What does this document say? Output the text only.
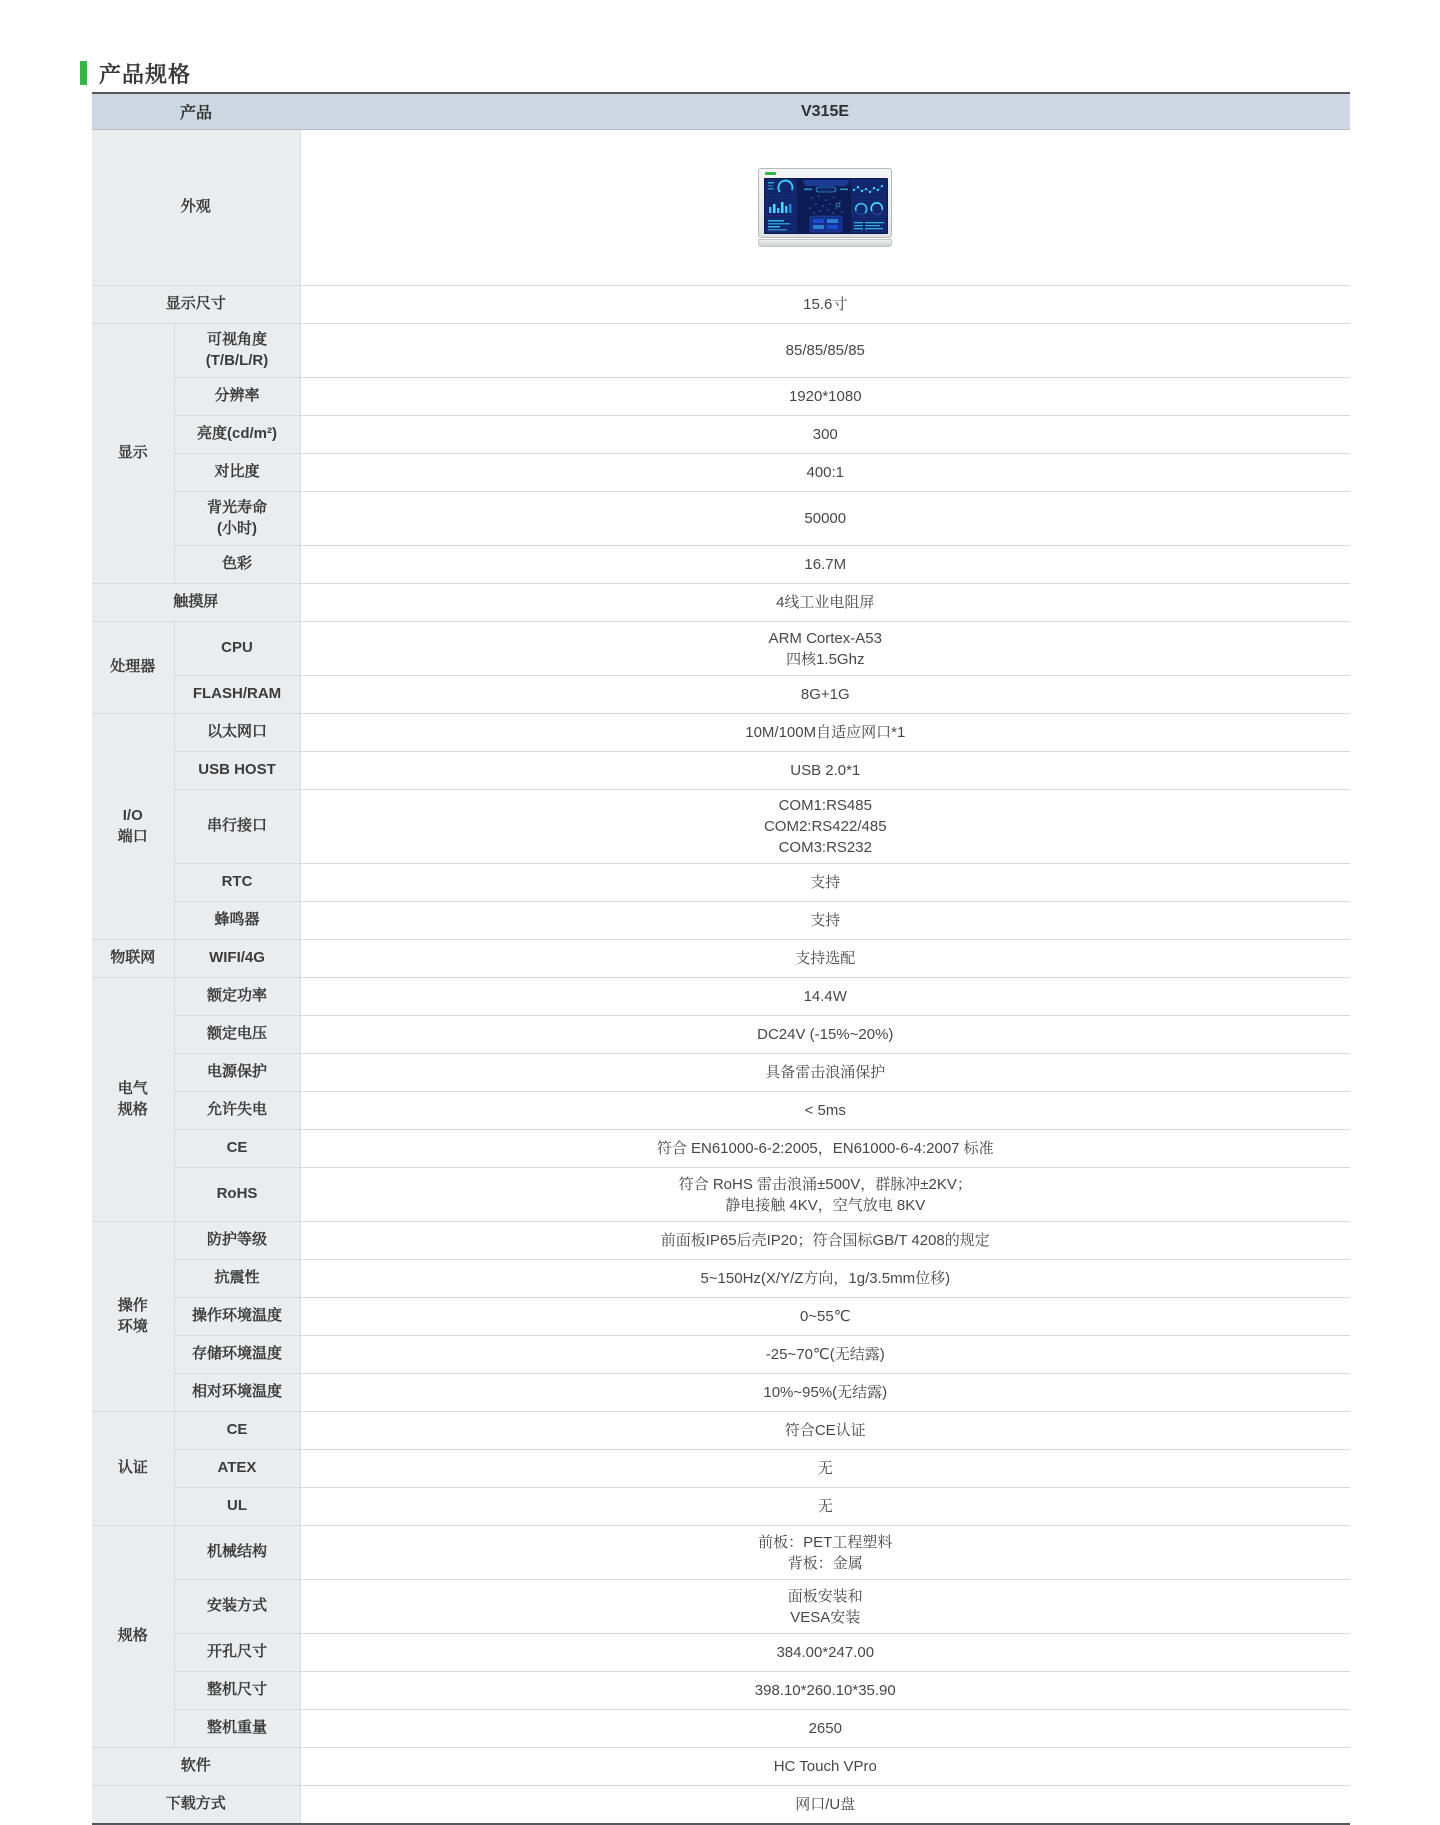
产品规格
产品		V315E

外观

显示尺寸		15.6寸

显示	可视角度
(T/B/L/R)	85/85/85/85

	分辨率	1920*1080

	亮度(cd/m²)	300

	对比度	400:1

	背光寿命
(小时)	50000

	色彩	16.7M

触摸屏		4线工业电阻屏

处理器	CPU	ARM Cortex-A53
四核1.5Ghz

	FLASH/RAM	8G+1G

I/O
端口	以太网口	10M/100M自适应网口*1

	USB HOST	USB 2.0*1

	串行接口	COM1:RS485
COM2:RS422/485
COM3:RS232

	RTC	支持

	蜂鸣器	支持

物联网	WIFI/4G	支持选配

电气
规格	额定功率	14.4W

	额定电压	DC24V (-15%~20%)

	电源保护	具备雷击浪涌保护

	允许失电	< 5ms

	CE	符合 EN61000-6-2:2005，EN61000-6-4:2007 标准

	RoHS	符合 RoHS 雷击浪涌±500V，群脉冲±2KV；
静电接触 4KV，空气放电 8KV

操作
环境	防护等级	前面板IP65后壳IP20；符合国标GB/T 4208的规定

	抗震性	5~150Hz(X/Y/Z方向，1g/3.5mm位移)

	操作环境温度	0~55℃

	存储环境温度	-25~70℃(无结露)

	相对环境温度	10%~95%(无结露)

认证	CE	符合CE认证

	ATEX	无

	UL	无

规格	机械结构	前板：PET工程塑料
背板：金属

	安装方式	面板安装和
VESA安装

	开孔尺寸	384.00*247.00

	整机尺寸	398.10*260.10*35.90

	整机重量	2650

软件		HC Touch VPro

下载方式		网口/U盘
